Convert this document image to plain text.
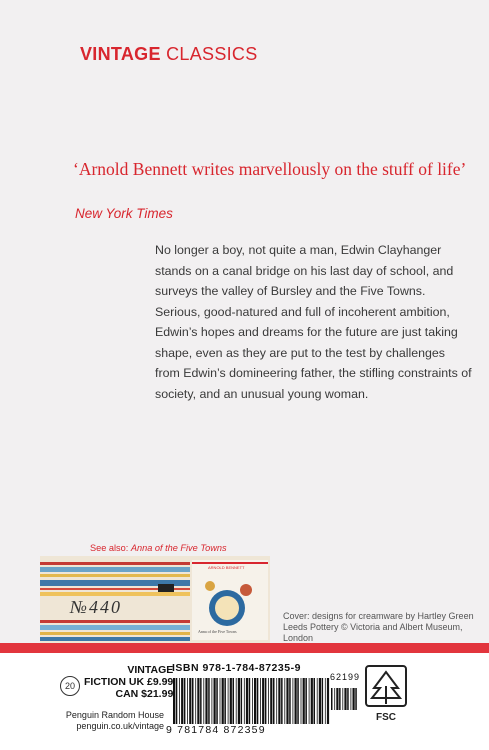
VINTAGE CLASSICS
‘Arnold Bennett writes marvellously on the stuff of life’
New York Times
No longer a boy, not quite a man, Edwin Clayhanger stands on a canal bridge on his last day of school, and surveys the valley of Bursley and the Five Towns. Serious, good-natured and full of incoherent ambition, Edwin’s hopes and dreams for the future are just taking shape, even as they are put to the test by challenges from Edwin’s domineering father, the stifling constraints of society, and an unusual young woman.
See also: Anna of the Five Towns
№440
ARNOLD BENNETT
Anna of the Five Towns
Cover: designs for creamware by Hartley Green Leeds Pottery © Victoria and Albert Museum, London
20
VINTAGE
FICTION UK £9.99
CAN $21.99
Penguin Random House
penguin.co.uk/vintage
ISBN 978-1-784-87235-9
62199
9 781784 872359
FSC
